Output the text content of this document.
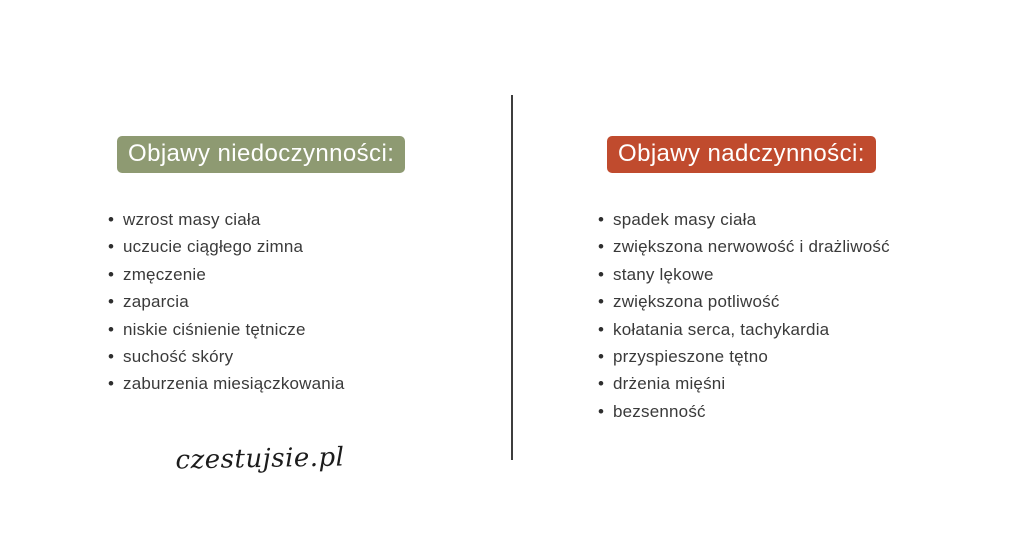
Objawy niedoczynności:
• wzrost masy ciała
• uczucie ciągłego zimna
• zmęczenie
• zaparcia
• niskie ciśnienie tętnicze
• suchość skóry
• zaburzenia miesiączkowania
Objawy nadczynności:
• spadek masy ciała
• zwiększona nerwowość i drażliwość
• stany lękowe
• zwiększona potliwość
• kołatania serca, tachykardia
• przyspieszone tętno
• drżenia mięśni
• bezsenność
czestujsie.pl
